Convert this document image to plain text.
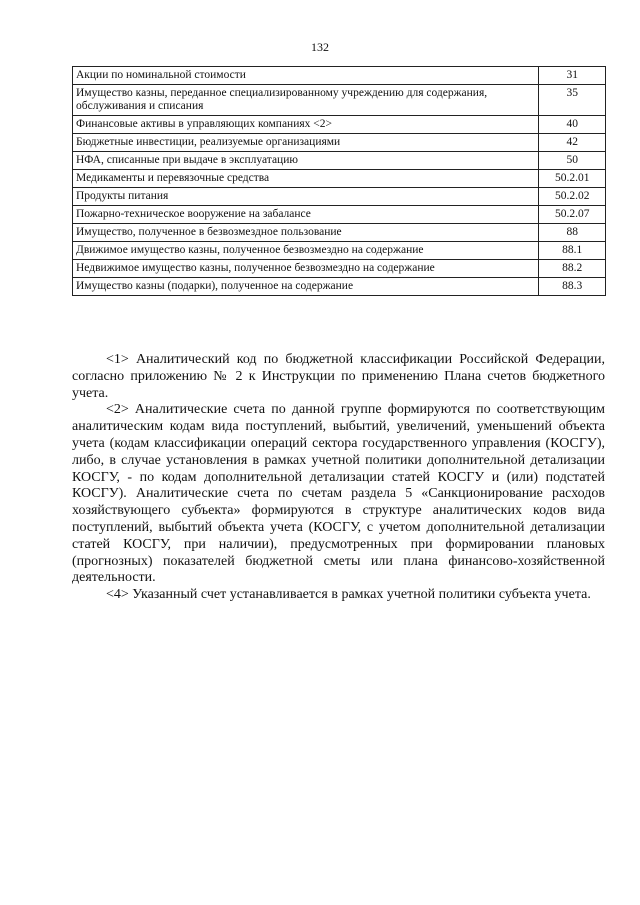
132
Акции по номинальной стоимости	31
Имущество казны, переданное специализированному учреждению для содержания, обслуживания и списания	35
Финансовые активы в управляющих компаниях <2>	40
Бюджетные инвестиции, реализуемые организациями	42
НФА, списанные при выдаче в эксплуатацию	50
Медикаменты и перевязочные средства	50.2.01
Продукты питания	50.2.02
Пожарно-техническое вооружение на забалансе	50.2.07
Имущество, полученное в безвозмездное пользование	88
Движимое имущество казны, полученное безвозмездно на содержание	88.1
Недвижимое имущество казны, полученное безвозмездно на содержание	88.2
Имущество казны (подарки), полученное на содержание	88.3

<1> Аналитический код по бюджетной классификации Российской Федерации, согласно приложению № 2 к Инструкции по применению Плана счетов бюджетного учета.

<2> Аналитические счета по данной группе формируются по соответствующим аналитическим кодам вида поступлений, выбытий, увеличений, уменьшений объекта учета (кодам классификации операций сектора государственного управления (КОСГУ), либо, в случае установления в рамках учетной политики дополнительной детализации КОСГУ, - по кодам дополнительной детализации статей КОСГУ и (или) подстатей КОСГУ). Аналитические счета по счетам раздела 5 «Санкционирование расходов хозяйствующего субъекта» формируются в структуре аналитических кодов вида поступлений, выбытий объекта учета (КОСГУ, с учетом дополнительной детализации статей КОСГУ, при наличии), предусмотренных при формировании плановых (прогнозных) показателей бюджетной сметы или плана финансово-хозяйственной деятельности.

<4> Указанный счет устанавливается в рамках учетной политики субъекта учета.
